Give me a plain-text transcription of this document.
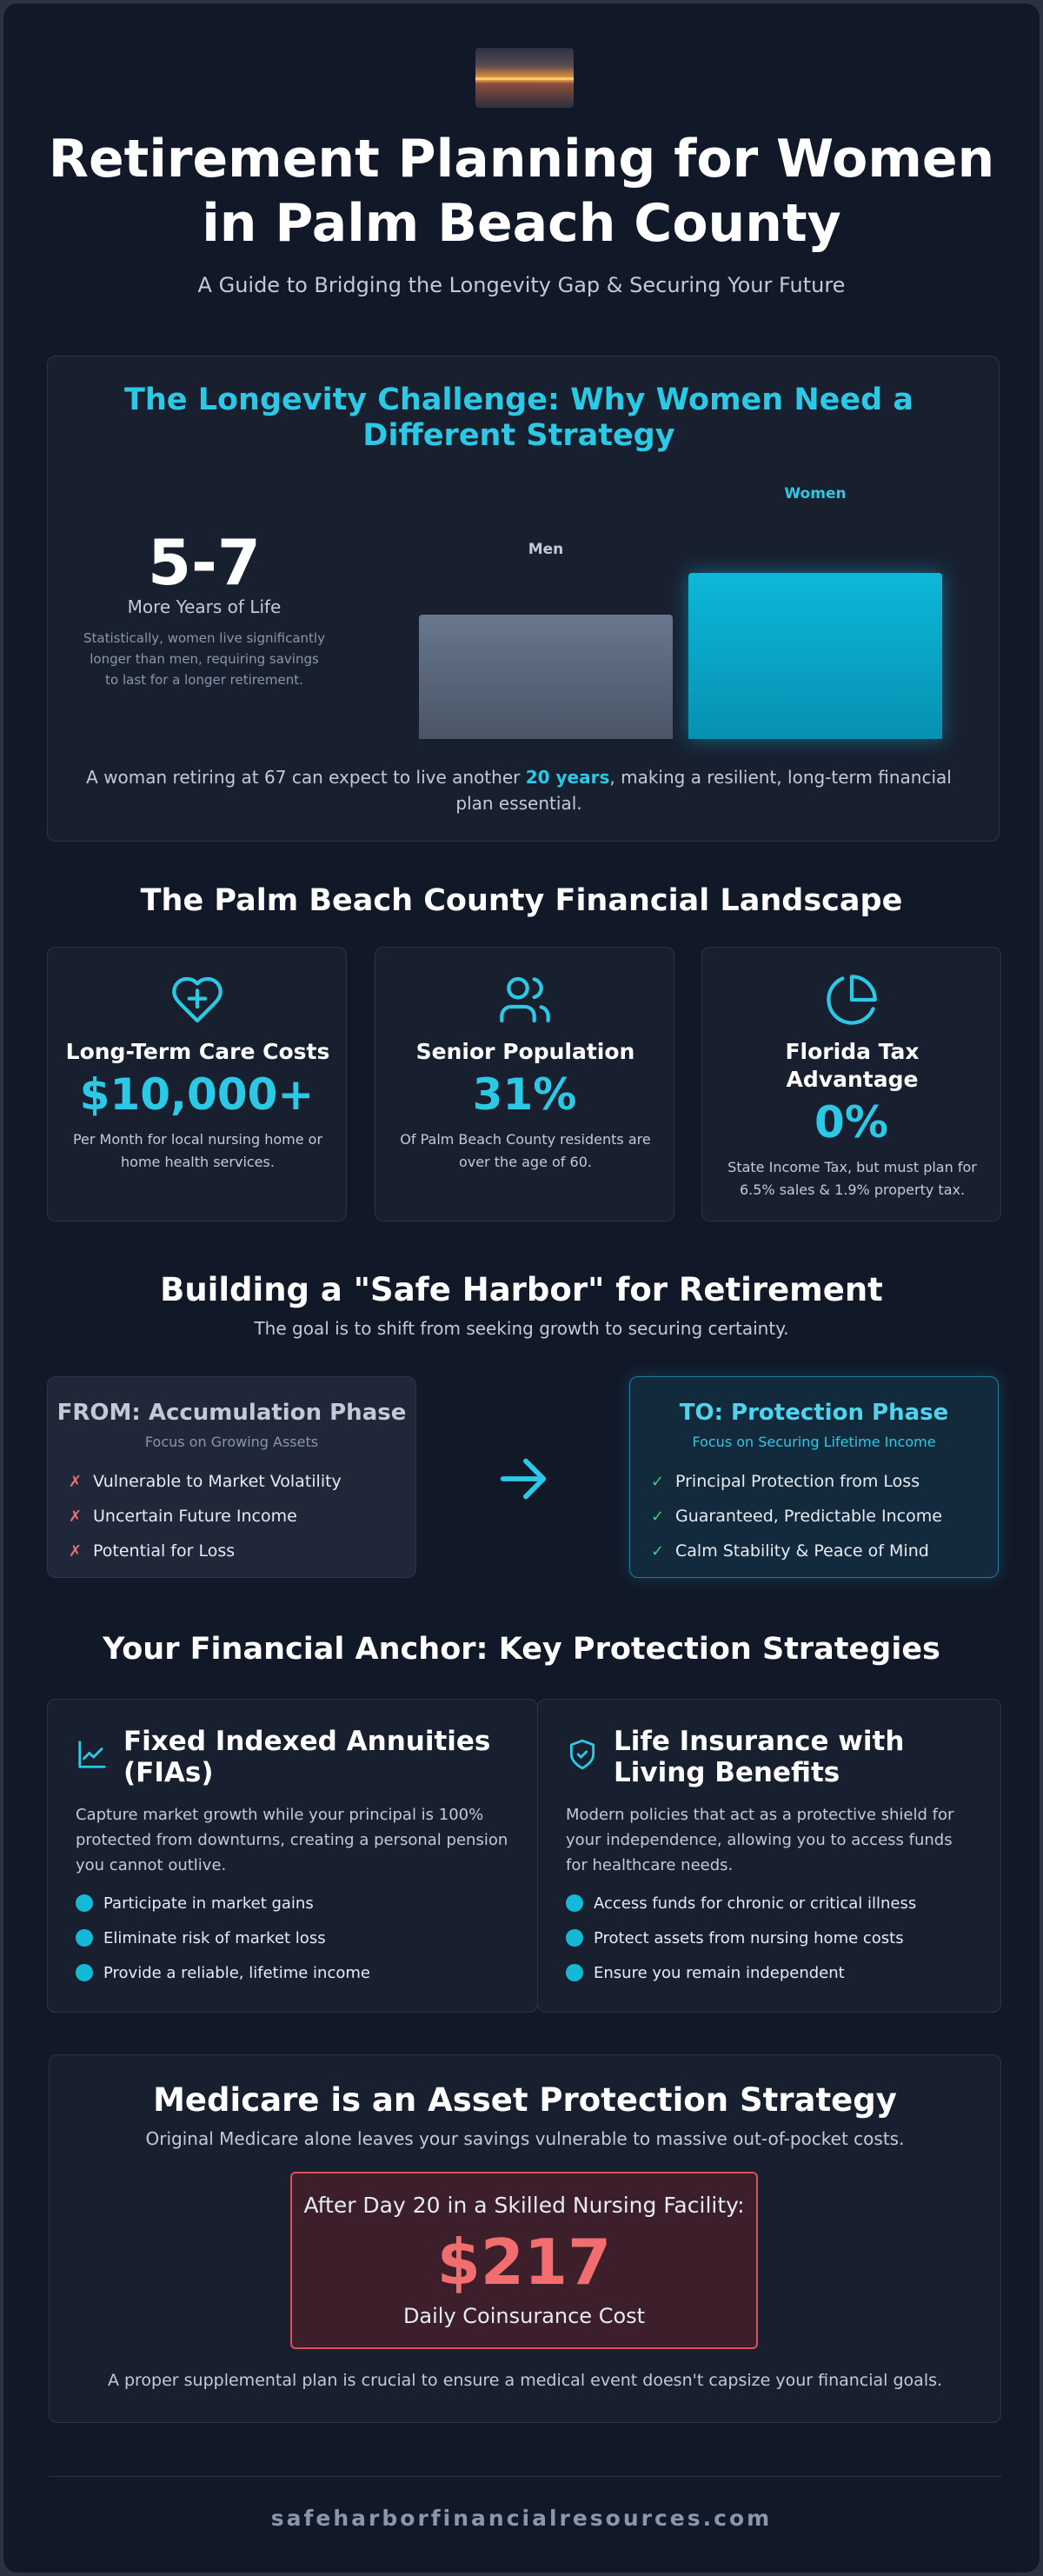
Retirement Planning for Women
in Palm Beach County
A Guide to Bridging the Longevity Gap & Securing Your Future
The Longevity Challenge: Why Women Need a Different Strategy
5-7
More Years of Life
Statistically, women live significantly longer than men, requiring savings to last for a longer retirement.
Men
Women
A woman retiring at 67 can expect to live another 20 years, making a resilient, long-term financial plan essential.
The Palm Beach County Financial Landscape
Long-Term Care Costs
$10,000+
Per Month for local nursing home or home health services.
Senior Population
31%
Of Palm Beach County residents are over the age of 60.
Florida Tax Advantage
0%
State Income Tax, but must plan for 6.5% sales & 1.9% property tax.
Building a "Safe Harbor" for Retirement
The goal is to shift from seeking growth to securing certainty.
FROM: Accumulation Phase
Focus on Growing Assets
✗ Vulnerable to Market Volatility
✗ Uncertain Future Income
✗ Potential for Loss
TO: Protection Phase
Focus on Securing Lifetime Income
✓ Principal Protection from Loss
✓ Guaranteed, Predictable Income
✓ Calm Stability & Peace of Mind
Your Financial Anchor: Key Protection Strategies
Fixed Indexed Annuities (FIAs)
Capture market growth while your principal is 100% protected from downturns, creating a personal pension you cannot outlive.
Participate in market gains
Eliminate risk of market loss
Provide a reliable, lifetime income
Life Insurance with Living Benefits
Modern policies that act as a protective shield for your independence, allowing you to access funds for healthcare needs.
Access funds for chronic or critical illness
Protect assets from nursing home costs
Ensure you remain independent
Medicare is an Asset Protection Strategy
Original Medicare alone leaves your savings vulnerable to massive out-of-pocket costs.
After Day 20 in a Skilled Nursing Facility:
$217
Daily Coinsurance Cost
A proper supplemental plan is crucial to ensure a medical event doesn't capsize your financial goals.
safeharborfinancialresources.com
